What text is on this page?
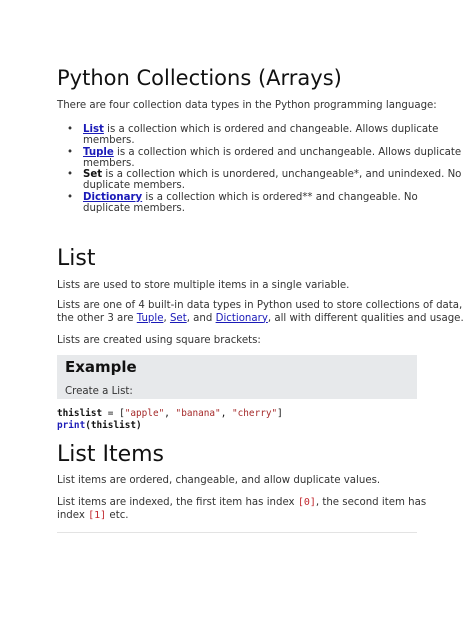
Python Collections (Arrays)
There are four collection data types in the Python programming language:
• List is a collection which is ordered and changeable. Allows duplicate
members.
• Tuple is a collection which is ordered and unchangeable. Allows duplicate
members.
• Set is a collection which is unordered, unchangeable*, and unindexed. No
duplicate members.
• Dictionary is a collection which is ordered** and changeable. No
duplicate members.
List
Lists are used to store multiple items in a single variable.
Lists are one of 4 built-in data types in Python used to store collections of data,
the other 3 are Tuple, Set, and Dictionary, all with different qualities and usage.
Lists are created using square brackets:
Example
Create a List:
thislist = ["apple", "banana", "cherry"]
print(thislist)
List Items
List items are ordered, changeable, and allow duplicate values.
List items are indexed, the first item has index [0], the second item has
index [1] etc.
